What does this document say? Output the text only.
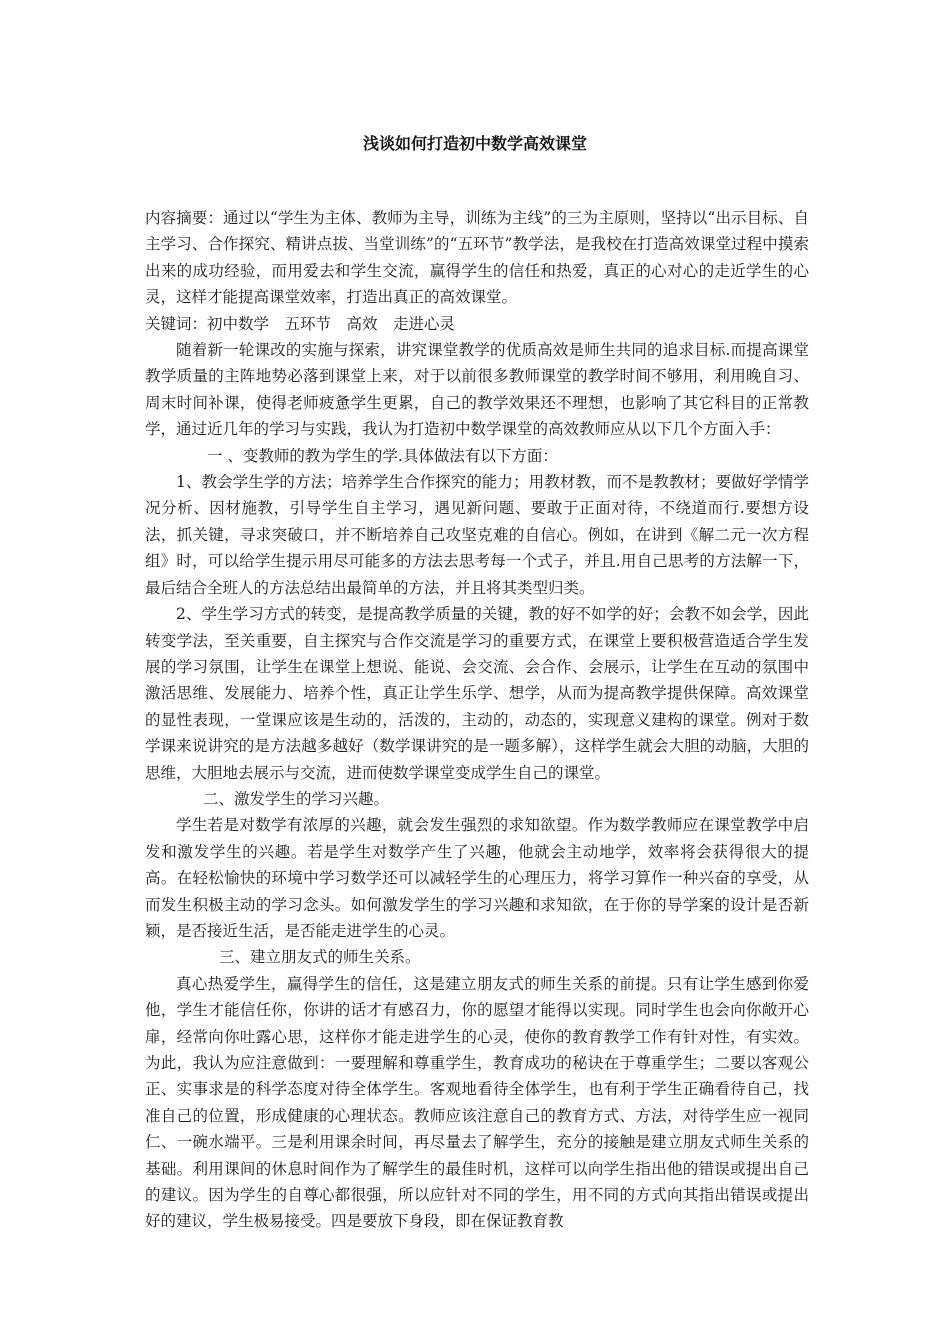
浅谈如何打造初中数学高效课堂

内容摘要：通过以“学生为主体、教师为主导，训练为主线”的三为主原则，坚持以“出示目标、自主学习、合作探究、精讲点拔、当堂训练”的“五环节”教学法，是我校在打造高效课堂过程中摸索出来的成功经验，而用爱去和学生交流，赢得学生的信任和热爱，真正的心对心的走近学生的心灵，这样才能提高课堂效率，打造出真正的高效课堂。

关键词：初中数学　五环节　高效　走进心灵

随着新一轮课改的实施与探索，讲究课堂教学的优质高效是师生共同的追求目标.而提高课堂教学质量的主阵地势必落到课堂上来，对于以前很多教师课堂的教学时间不够用，利用晚自习、周末时间补课，使得老师疲惫学生更累，自己的教学效果还不理想，也影响了其它科目的正常教学，通过近几年的学习与实践，我认为打造初中数学课堂的高效教师应从以下几个方面入手：

一 、变教师的教为学生的学.具体做法有以下方面：

1、教会学生学的方法；培养学生合作探究的能力；用教材教，而不是教教材；要做好学情学况分析、因材施教，引导学生自主学习，遇见新问题、要敢于正面对待，不绕道而行.要想方设法，抓关键，寻求突破口，并不断培养自己攻坚克难的自信心。例如，在讲到《解二元一次方程组》时，可以给学生提示用尽可能多的方法去思考每一个式子，并且.用自己思考的方法解一下，最后结合全班人的方法总结出最简单的方法，并且将其类型归类。

2、学生学习方式的转变，是提高教学质量的关键，教的好不如学的好；会教不如会学，因此转变学法，至关重要，自主探究与合作交流是学习的重要方式，在课堂上要积极营造适合学生发展的学习氛围，让学生在课堂上想说、能说、会交流、会合作、会展示，让学生在互动的氛围中激活思维、发展能力、培养个性，真正让学生乐学、想学，从而为提高教学提供保障。高效课堂的显性表现，一堂课应该是生动的，活泼的，主动的，动态的，实现意义建构的课堂。例对于数学课来说讲究的是方法越多越好（数学课讲究的是一题多解），这样学生就会大胆的动脑，大胆的思维，大胆地去展示与交流，进而使数学课堂变成学生自己的课堂。

二、激发学生的学习兴趣。

学生若是对数学有浓厚的兴趣，就会发生强烈的求知欲望。作为数学教师应在课堂教学中启发和激发学生的兴趣。若是学生对数学产生了兴趣，他就会主动地学，效率将会获得很大的提高。在轻松愉快的环境中学习数学还可以减轻学生的心理压力，将学习算作一种兴奋的享受，从而发生积极主动的学习念头。如何激发学生的学习兴趣和求知欲，在于你的导学案的设计是否新颖，是否接近生活，是否能走进学生的心灵。

三、建立朋友式的师生关系。

真心热爱学生，赢得学生的信任，这是建立朋友式的师生关系的前提。只有让学生感到你爱他，学生才能信任你，你讲的话才有感召力，你的愿望才能得以实现。同时学生也会向你敞开心扉，经常向你吐露心思，这样你才能走进学生的心灵，使你的教育教学工作有针对性，有实效。为此，我认为应注意做到：一要理解和尊重学生，教育成功的秘诀在于尊重学生；二要以客观公正、实事求是的科学态度对待全体学生。客观地看待全体学生，也有利于学生正确看待自己，找准自己的位置，形成健康的心理状态。教师应该注意自己的教育方式、方法，对待学生应一视同仁、一碗水端平。三是利用课余时间，再尽量去了解学生，充分的接触是建立朋友式师生关系的基础。利用课间的休息时间作为了解学生的最佳时机，这样可以向学生指出他的错误或提出自己的建议。因为学生的自尊心都很强，所以应针对不同的学生，用不同的方式向其指出错误或提出好的建议，学生极易接受。四是要放下身段，即在保证教育教
